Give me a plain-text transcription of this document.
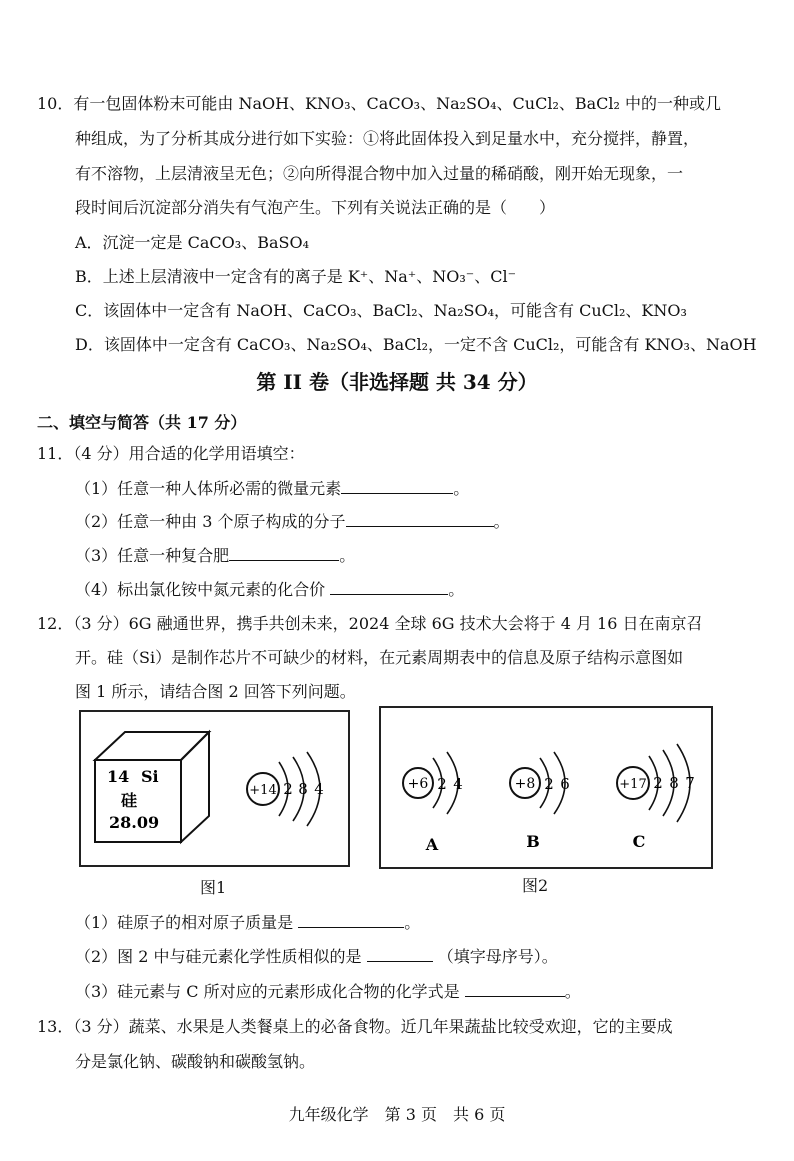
10．有一包固体粉末可能由 NaOH、KNO₃、CaCO₃、Na₂SO₄、CuCl₂、BaCl₂ 中的一种或几
种组成，为了分析其成分进行如下实验：①将此固体投入到足量水中，充分搅拌，静置，
有不溶物，上层清液呈无色；②向所得混合物中加入过量的稀硝酸，刚开始无现象，一
段时间后沉淀部分消失有气泡产生。下列有关说法正确的是（　　）
A．沉淀一定是 CaCO₃、BaSO₄
B．上述上层清液中一定含有的离子是 K⁺、Na⁺、NO₃⁻、Cl⁻
C．该固体中一定含有 NaOH、CaCO₃、BaCl₂、Na₂SO₄，可能含有 CuCl₂、KNO₃
D．该固体中一定含有 CaCO₃、Na₂SO₄、BaCl₂，一定不含 CuCl₂，可能含有 KNO₃、NaOH
第 II 卷（非选择题 共 34 分）
二、填空与简答（共 17 分）
11．（4 分）用合适的化学用语填空：
（1）任意一种人体所必需的微量元素	。
（2）任意一种由 3 个原子构成的分子	。
（3）任意一种复合肥	。
（4）标出氯化铵中氮元素的化合价	。
12．（3 分）6G 融通世界，携手共创未来，2024 全球 6G 技术大会将于 4 月 16 日在南京召
开。硅（Si）是制作芯片不可缺少的材料，在元素周期表中的信息及原子结构示意图如
图 1 所示，请结合图 2 回答下列问题。
14 Si
硅
28.09
+14 2 8 4
图1
+6 2 4
A
+8 2 6
B
+17 2 8 7
C
图2
（1）硅原子的相对原子质量是	。
（2）图 2 中与硅元素化学性质相似的是	（填字母序号）。
（3）硅元素与 C 所对应的元素形成化合物的化学式是	。
13．（3 分）蔬菜、水果是人类餐桌上的必备食物。近几年果蔬盐比较受欢迎，它的主要成
分是氯化钠、碳酸钠和碳酸氢钠。
九年级化学　第 3 页　共 6 页
